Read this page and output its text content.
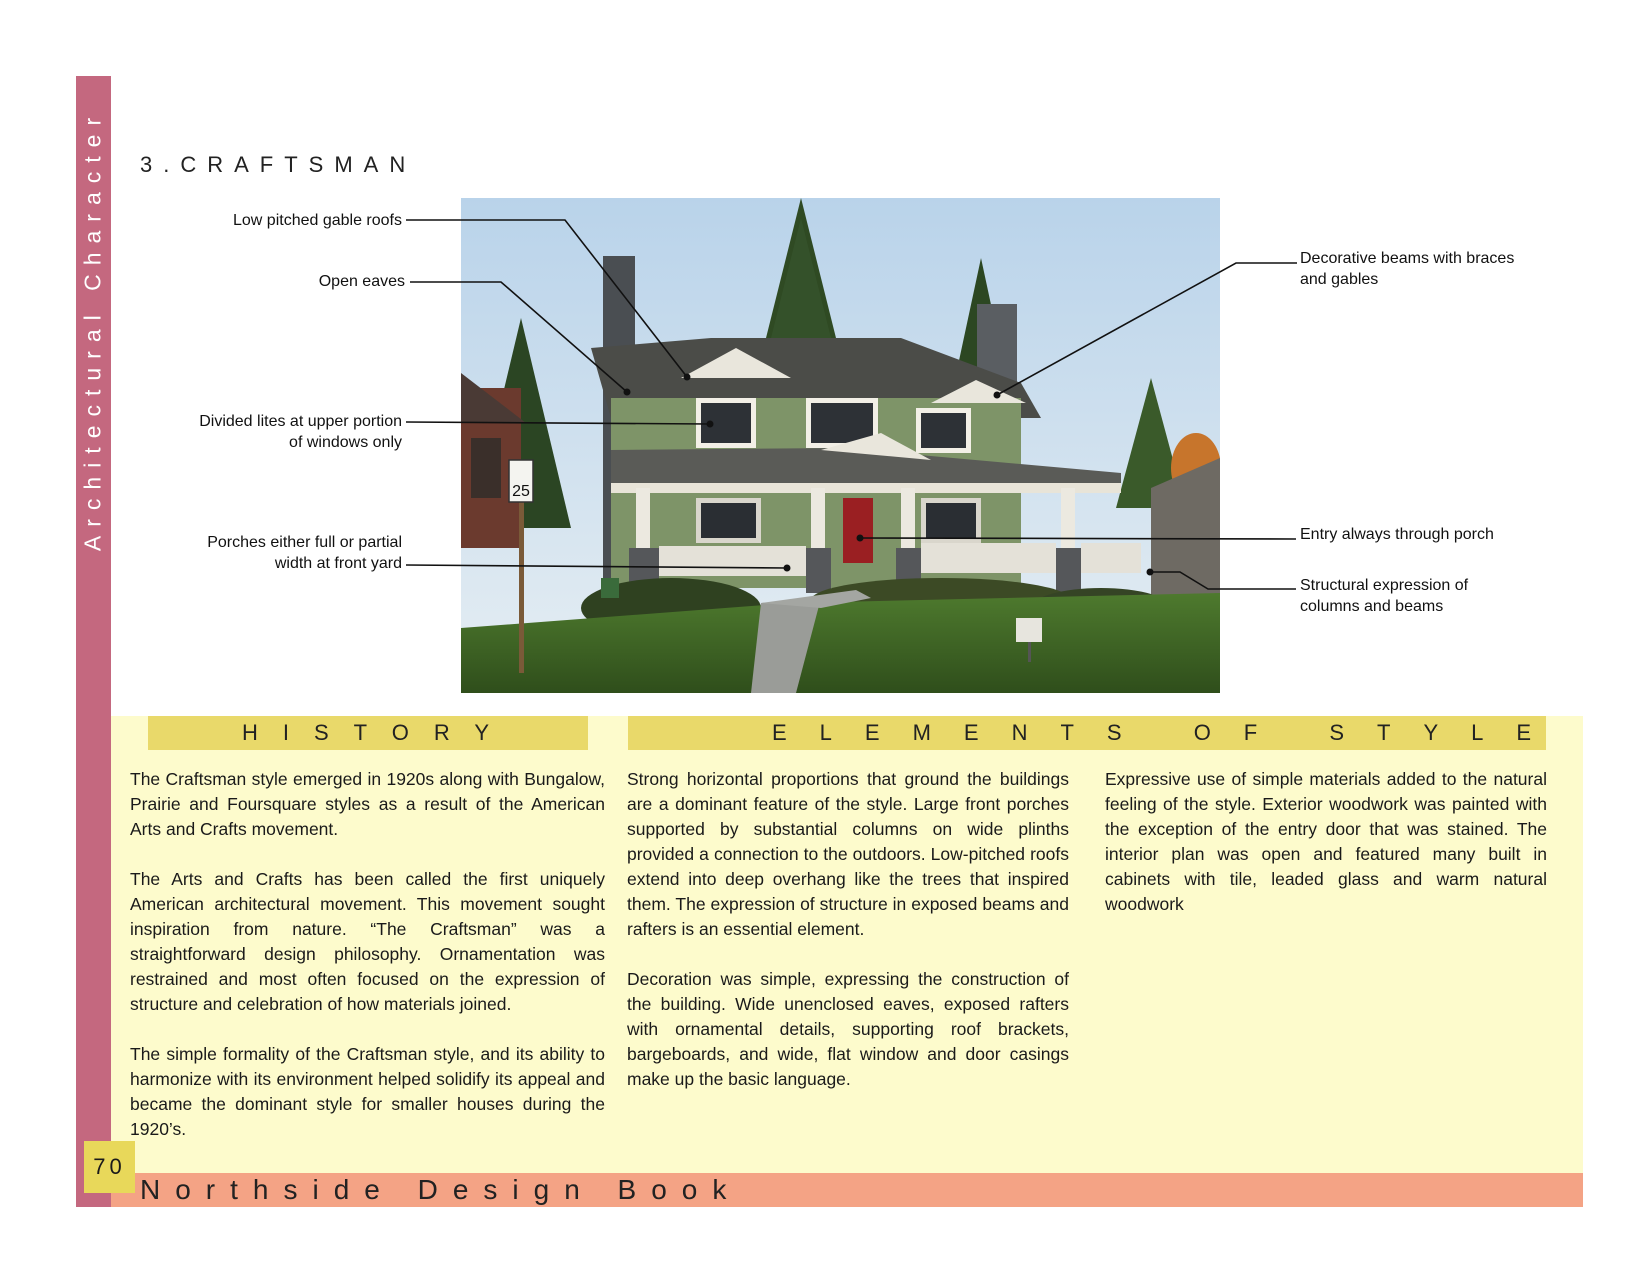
Architectural Character
70
Northside Design Book
3.CRAFTSMAN
25
Low pitched gable roofs
Open eaves
Divided lites at upper portion
of windows only
Porches either full or partial
width at front yard
Decorative beams with braces
and gables
Entry always through porch
Structural expression of
columns and beams
HISTORY	ELEMENTS OF STYLE

The Craftsman style emerged in 1920s along with Bungalow, Prairie and Foursquare styles as a result of the American Arts and Crafts movement.

The Arts and Crafts has been called the first uniquely American architectural movement. This movement sought inspiration from nature. “The Craftsman” was a straightforward design philosophy. Ornamentation was restrained and most often focused on the expression of structure and celebration of how materials joined.

The simple formality of the Craftsman style, and its ability to harmonize with its environment helped solidify its appeal and became the dominant style for smaller houses during the 1920’s.

Strong horizontal proportions that ground the buildings are a dominant feature of the style. Large front porches supported by substantial columns on wide plinths provided a connection to the outdoors. Low-pitched roofs extend into deep overhang like the trees that inspired them. The expression of structure in exposed beams and rafters is an essential element.

Decoration was simple, expressing the construction of the building. Wide unenclosed eaves, exposed rafters with ornamental details, supporting roof brackets, bargeboards, and wide, flat window and door casings make up the basic language.

Expressive use of simple materials added to the natural feeling of the style. Exterior woodwork was painted with the exception of the entry door that was stained. The interior plan was open and featured many built in cabinets with tile, leaded glass and warm natural woodwork
